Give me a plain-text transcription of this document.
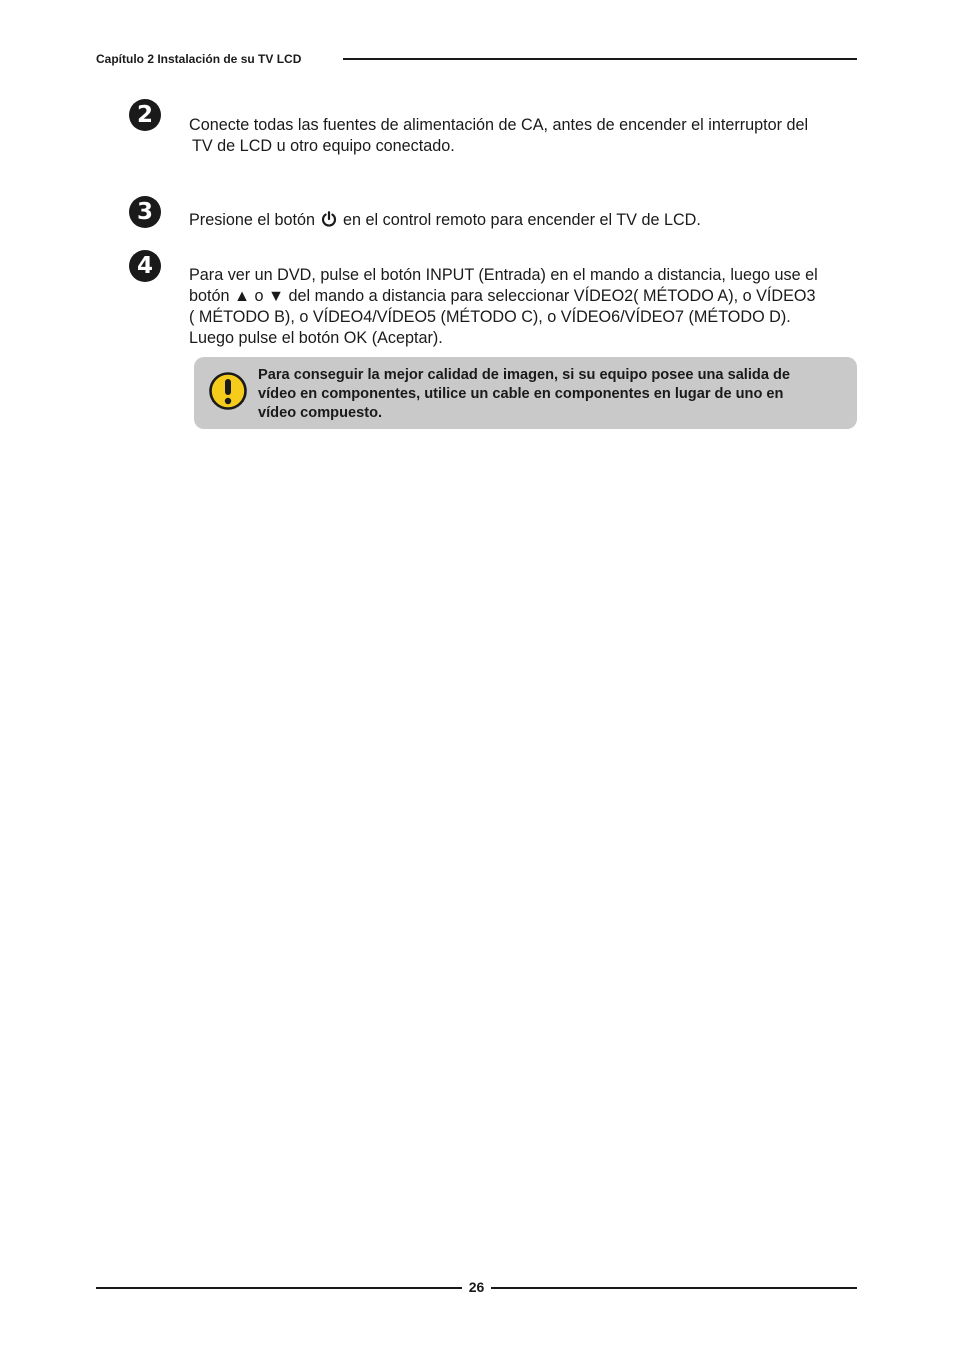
Capítulo 2 Instalación de su TV LCD
2	Conecte todas las fuentes de alimentación de CA, antes de encender el interruptor del
TV de LCD u otro equipo conectado.
3	Presione el botón en el control remoto para encender el TV de LCD.
4	Para ver un DVD, pulse el botón INPUT (Entrada) en el mando a distancia, luego use el
botón ▲ o ▼ del mando a distancia para seleccionar VÍDEO2( MÉTODO A), o VÍDEO3
( MÉTODO B), o VÍDEO4/VÍDEO5 (MÉTODO C), o VÍDEO6/VÍDEO7 (MÉTODO D).
Luego pulse el botón OK (Aceptar).
Para conseguir la mejor calidad de imagen, si su equipo posee una salida de
vídeo en componentes, utilice un cable en componentes en lugar de uno en
vídeo compuesto.
26
